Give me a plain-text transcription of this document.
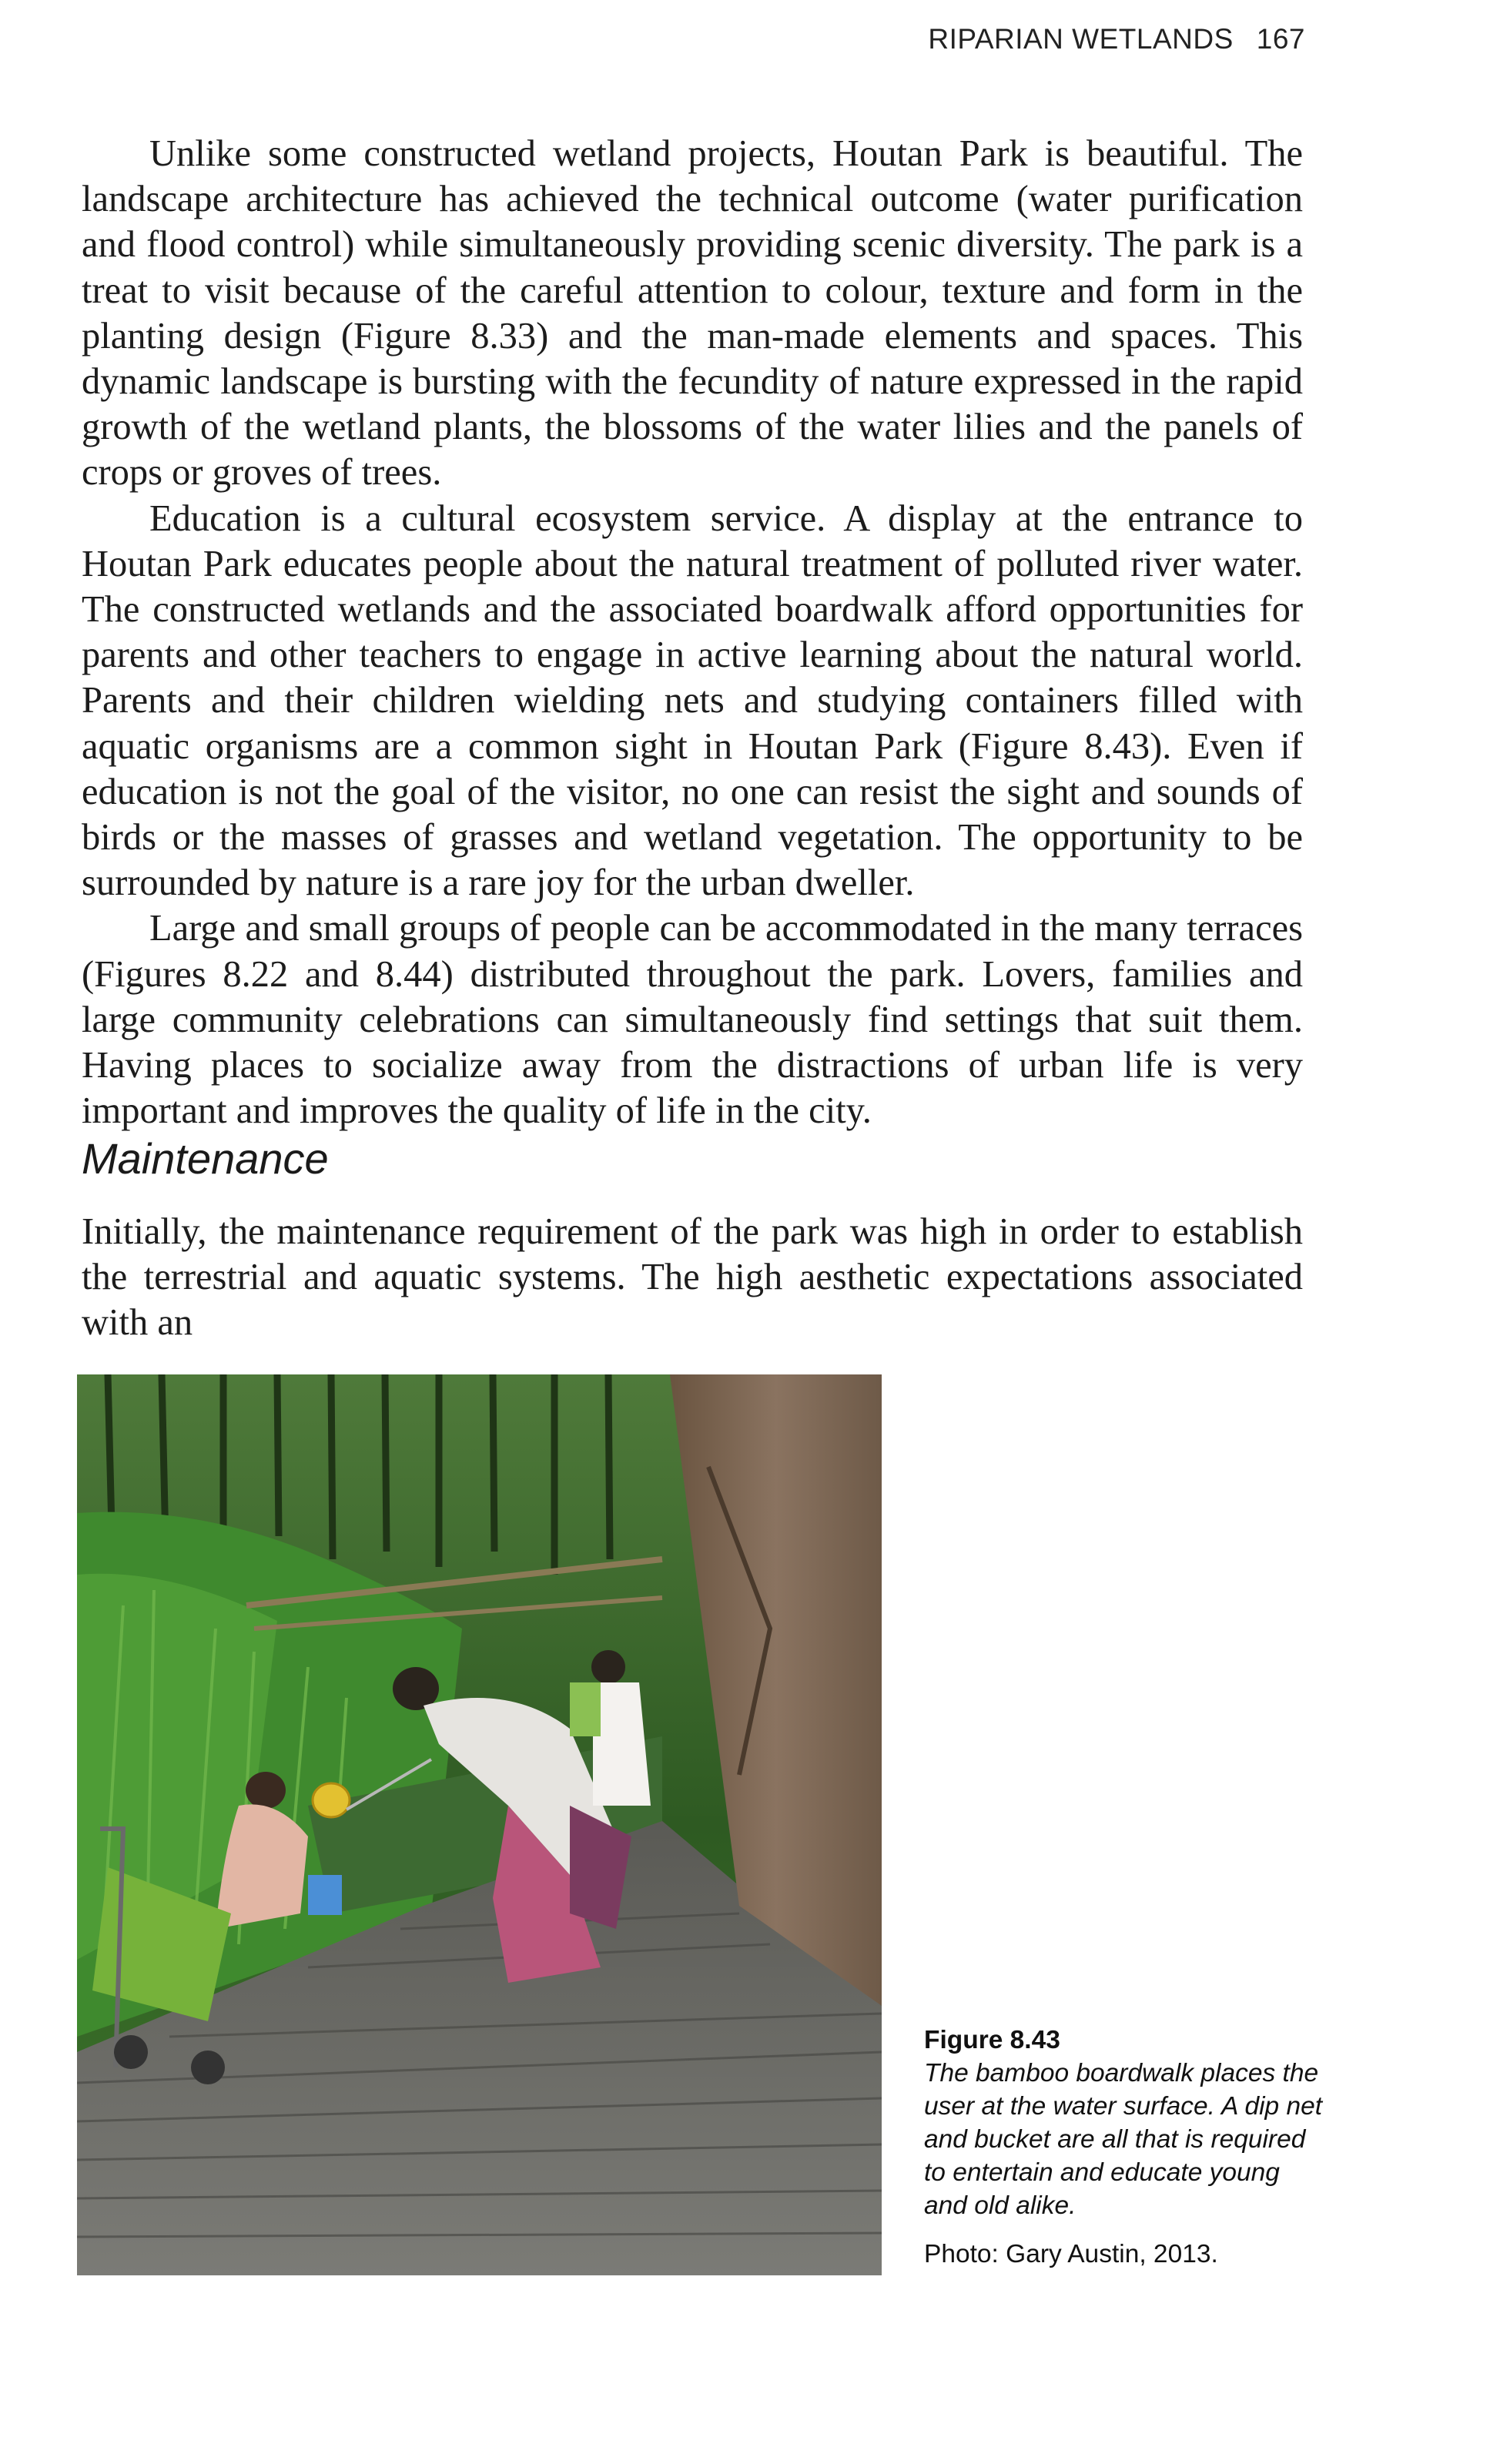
RIPARIAN WETLANDS 167

Unlike some constructed wetland projects, Houtan Park is beautiful. The landscape architecture has achieved the technical outcome (water purification and flood control) while simultaneously providing scenic diversity. The park is a treat to visit because of the careful attention to colour, texture and form in the planting design (Figure 8.33) and the man-made elements and spaces. This dynamic landscape is bursting with the fecundity of nature expressed in the rapid growth of the wetland plants, the blossoms of the water lilies and the panels of crops or groves of trees.

Education is a cultural ecosystem service. A display at the entrance to Houtan Park educates people about the natural treatment of polluted river water. The constructed wetlands and the associated boardwalk afford opportunities for parents and other teachers to engage in active learning about the natural world. Parents and their children wielding nets and studying containers filled with aquatic organisms are a common sight in Houtan Park (Figure 8.43). Even if education is not the goal of the visitor, no one can resist the sight and sounds of birds or the masses of grasses and wetland vegetation. The opportunity to be surrounded by nature is a rare joy for the urban dweller.

Large and small groups of people can be accommodated in the many terraces (Figures 8.22 and 8.44) distributed throughout the park. Lovers, families and large community celebrations can simultaneously find settings that suit them. Having places to socialize away from the distractions of urban life is very important and improves the quality of life in the city.

Maintenance

Initially, the maintenance requirement of the park was high in order to establish the terrestrial and aquatic systems. The high aesthetic expectations associated with an

Figure 8.43
The bamboo boardwalk places the user at the water surface. A dip net and bucket are all that is required to entertain and educate young and old alike.
Photo: Gary Austin, 2013.
